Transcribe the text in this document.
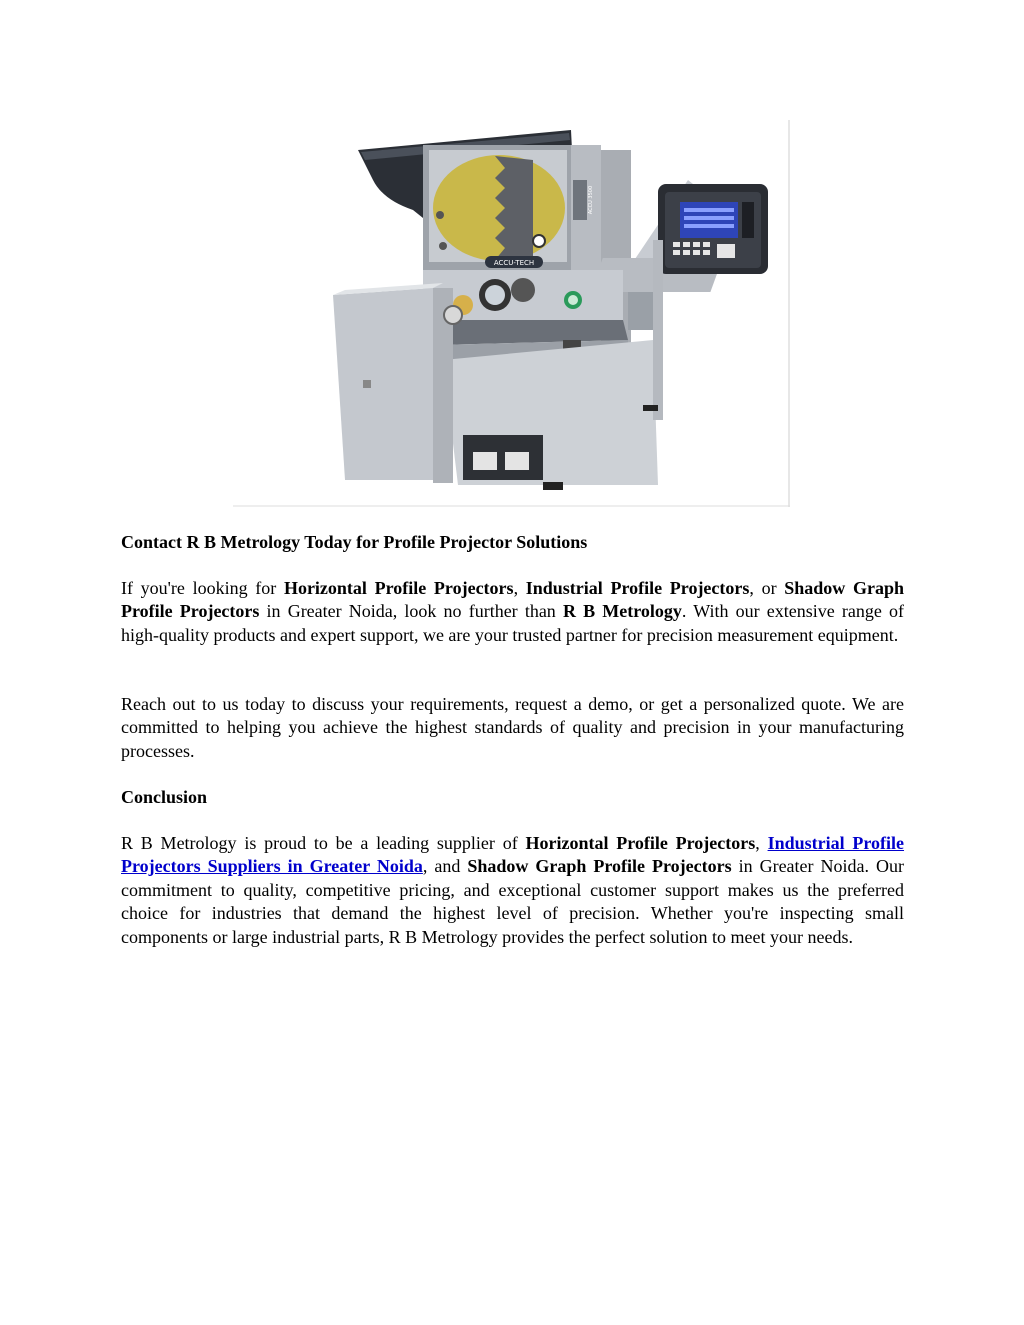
ACCU-TECH
ACCU 3500
Contact R B Metrology Today for Profile Projector Solutions

If you're looking for Horizontal Profile Projectors, Industrial Profile Projectors, or Shadow Graph Profile Projectors in Greater Noida, look no further than R B Metrology. With our extensive range of high-quality products and expert support, we are your trusted partner for precision measurement equipment.

Reach out to us today to discuss your requirements, request a demo, or get a personalized quote. We are committed to helping you achieve the highest standards of quality and precision in your manufacturing processes.

Conclusion

R B Metrology is proud to be a leading supplier of Horizontal Profile Projectors, Industrial Profile Projectors Suppliers in Greater Noida, and Shadow Graph Profile Projectors in Greater Noida. Our commitment to quality, competitive pricing, and exceptional customer support makes us the preferred choice for industries that demand the highest level of precision. Whether you're inspecting small components or large industrial parts, R B Metrology provides the perfect solution to meet your needs.
